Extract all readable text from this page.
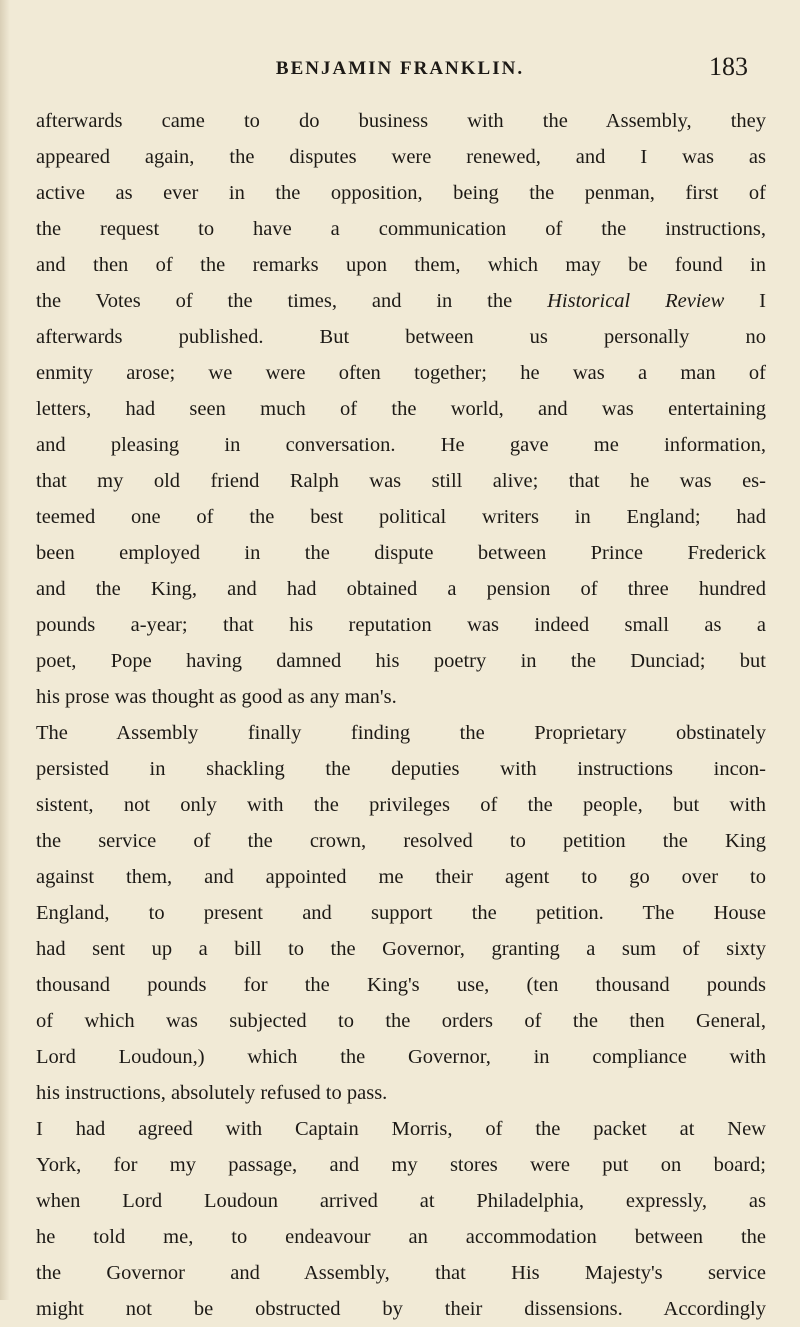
BENJAMIN FRANKLIN.	183
afterwards came to do business with the Assembly, they
appeared again, the disputes were renewed, and I was as
active as ever in the opposition, being the penman, first of
the request to have a communication of the instructions,
and then of the remarks upon them, which may be found in
the Votes of the times, and in the Historical Review I
afterwards published. But between us personally no
enmity arose; we were often together; he was a man of
letters, had seen much of the world, and was entertaining
and pleasing in conversation. He gave me information,
that my old friend Ralph was still alive; that he was es-
teemed one of the best political writers in England; had
been employed in the dispute between Prince Frederick
and the King, and had obtained a pension of three hundred
pounds a-year; that his reputation was indeed small as a
poet, Pope having damned his poetry in the Dunciad; but
his prose was thought as good as any man's.
The Assembly finally finding the Proprietary obstinately
persisted in shackling the deputies with instructions incon-
sistent, not only with the privileges of the people, but with
the service of the crown, resolved to petition the King
against them, and appointed me their agent to go over to
England, to present and support the petition. The House
had sent up a bill to the Governor, granting a sum of sixty
thousand pounds for the King's use, (ten thousand pounds
of which was subjected to the orders of the then General,
Lord Loudoun,) which the Governor, in compliance with
his instructions, absolutely refused to pass.
I had agreed with Captain Morris, of the packet at New
York, for my passage, and my stores were put on board;
when Lord Loudoun arrived at Philadelphia, expressly, as
he told me, to endeavour an accommodation between the
the Governor and Assembly, that His Majesty's service
might not be obstructed by their dissensions. Accordingly
